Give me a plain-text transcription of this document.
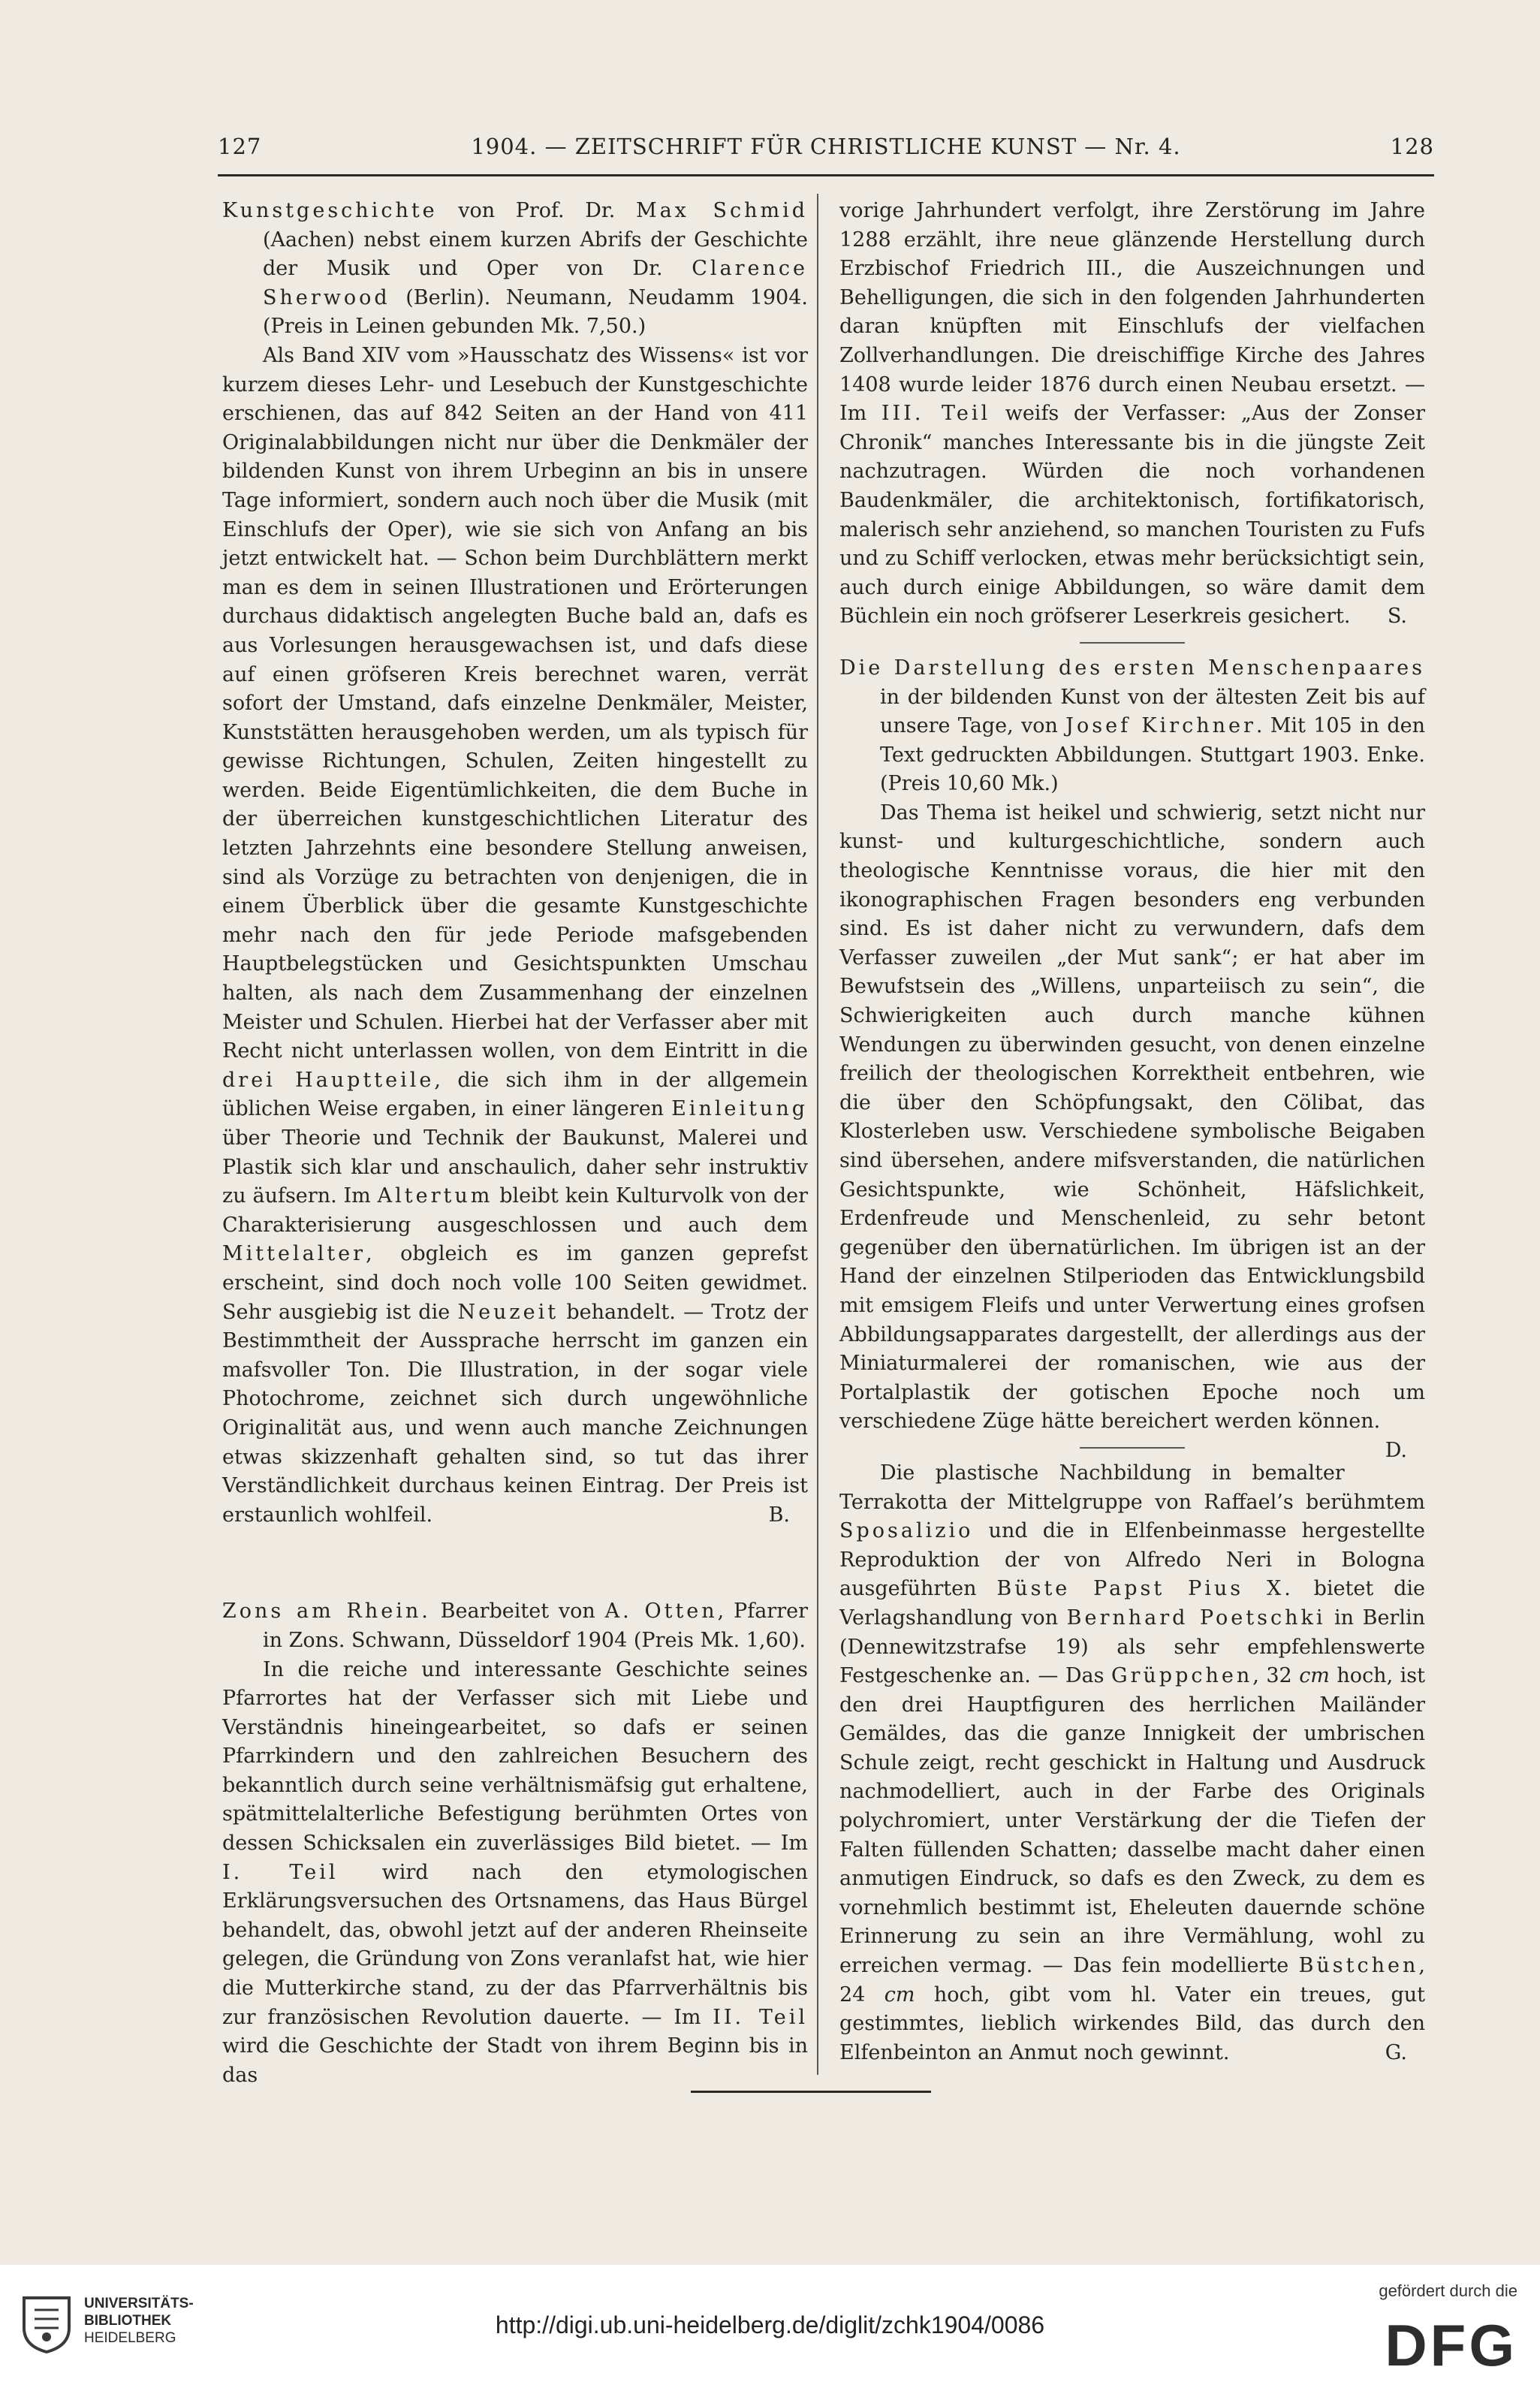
127	1904. — ZEITSCHRIFT FÜR CHRISTLICHE KUNST — Nr. 4.	128

Kunstgeschichte von Prof. Dr. Max Schmid (Aachen) nebst einem kurzen Abrifs der Geschichte der Musik und Oper von Dr. Clarence Sherwood (Berlin). Neumann, Neudamm 1904. (Preis in Leinen gebunden Mk. 7,50.)

Als Band XIV vom »Hausschatz des Wissens« ist vor kurzem dieses Lehr- und Lesebuch der Kunstgeschichte erschienen, das auf 842 Seiten an der Hand von 411 Originalabbildungen nicht nur über die Denkmäler der bildenden Kunst von ihrem Urbeginn an bis in unsere Tage informiert, sondern auch noch über die Musik (mit Einschlufs der Oper), wie sie sich von Anfang an bis jetzt entwickelt hat. — Schon beim Durchblättern merkt man es dem in seinen Illustrationen und Erörterungen durchaus didaktisch angelegten Buche bald an, dafs es aus Vorlesungen herausgewachsen ist, und dafs diese auf einen gröfseren Kreis berechnet waren, verrät sofort der Umstand, dafs einzelne Denkmäler, Meister, Kunststätten herausgehoben werden, um als typisch für gewisse Richtungen, Schulen, Zeiten hingestellt zu werden. Beide Eigentümlichkeiten, die dem Buche in der überreichen kunstgeschichtlichen Literatur des letzten Jahrzehnts eine besondere Stellung anweisen, sind als Vorzüge zu betrachten von denjenigen, die in einem Überblick über die gesamte Kunstgeschichte mehr nach den für jede Periode mafsgebenden Hauptbelegstücken und Gesichtspunkten Umschau halten, als nach dem Zusammenhang der einzelnen Meister und Schulen. Hierbei hat der Verfasser aber mit Recht nicht unterlassen wollen, von dem Eintritt in die drei Hauptteile, die sich ihm in der allgemein üblichen Weise ergaben, in einer längeren Einleitung über Theorie und Technik der Baukunst, Malerei und Plastik sich klar und anschaulich, daher sehr instruktiv zu äufsern. Im Altertum bleibt kein Kulturvolk von der Charakterisierung ausgeschlossen und auch dem Mittelalter, obgleich es im ganzen geprefst erscheint, sind doch noch volle 100 Seiten gewidmet. Sehr ausgiebig ist die Neuzeit behandelt. — Trotz der Bestimmtheit der Aussprache herrscht im ganzen ein mafsvoller Ton. Die Illustration, in der sogar viele Photochrome, zeichnet sich durch ungewöhnliche Originalität aus, und wenn auch manche Zeichnungen etwas skizzenhaft gehalten sind, so tut das ihrer Verständlichkeit durchaus keinen Eintrag. Der Preis ist erstaunlich wohlfeil.	B.

Zons am Rhein. Bearbeitet von A. Otten, Pfarrer in Zons. Schwann, Düsseldorf 1904 (Preis Mk. 1,60).

In die reiche und interessante Geschichte seines Pfarrortes hat der Verfasser sich mit Liebe und Verständnis hineingearbeitet, so dafs er seinen Pfarrkindern und den zahlreichen Besuchern des bekanntlich durch seine verhältnismäfsig gut erhaltene, spätmittelalterliche Befestigung berühmten Ortes von dessen Schicksalen ein zuverlässiges Bild bietet. — Im I. Teil wird nach den etymologischen Erklärungsversuchen des Ortsnamens, das Haus Bürgel behandelt, das, obwohl jetzt auf der anderen Rheinseite gelegen, die Gründung von Zons veranlafst hat, wie hier die Mutterkirche stand, zu der das Pfarrverhältnis bis zur französischen Revolution dauerte. — Im II. Teil wird die Geschichte der Stadt von ihrem Beginn bis in das

vorige Jahrhundert verfolgt, ihre Zerstörung im Jahre 1288 erzählt, ihre neue glänzende Herstellung durch Erzbischof Friedrich III., die Auszeichnungen und Behelligungen, die sich in den folgenden Jahrhunderten daran knüpften mit Einschlufs der vielfachen Zollverhandlungen. Die dreischiffige Kirche des Jahres 1408 wurde leider 1876 durch einen Neubau ersetzt. — Im III. Teil weifs der Verfasser: „Aus der Zonser Chronik“ manches Interessante bis in die jüngste Zeit nachzutragen. Würden die noch vorhandenen Baudenkmäler, die architektonisch, fortifikatorisch, malerisch sehr anziehend, so manchen Touristen zu Fufs und zu Schiff verlocken, etwas mehr berücksichtigt sein, auch durch einige Abbildungen, so wäre damit dem Büchlein ein noch gröfserer Leserkreis gesichert. S.

Die Darstellung des ersten Menschenpaares in der bildenden Kunst von der ältesten Zeit bis auf unsere Tage, von Josef Kirchner. Mit 105 in den Text gedruckten Abbildungen. Stuttgart 1903. Enke. (Preis 10,60 Mk.)

Das Thema ist heikel und schwierig, setzt nicht nur kunst- und kulturgeschichtliche, sondern auch theologische Kenntnisse voraus, die hier mit den ikonographischen Fragen besonders eng verbunden sind. Es ist daher nicht zu verwundern, dafs dem Verfasser zuweilen „der Mut sank“; er hat aber im Bewufstsein des „Willens, unparteiisch zu sein“, die Schwierigkeiten auch durch manche kühnen Wendungen zu überwinden gesucht, von denen einzelne freilich der theologischen Korrektheit entbehren, wie die über den Schöpfungsakt, den Cölibat, das Klosterleben usw. Verschiedene symbolische Beigaben sind übersehen, andere mifsverstanden, die natürlichen Gesichtspunkte, wie Schönheit, Häfslichkeit, Erdenfreude und Menschenleid, zu sehr betont gegenüber den übernatürlichen. Im übrigen ist an der Hand der einzelnen Stilperioden das Entwicklungsbild mit emsigem Fleifs und unter Verwertung eines grofsen Abbildungsapparates dargestellt, der allerdings aus der Miniaturmalerei der romanischen, wie aus der Portalplastik der gotischen Epoche noch um verschiedene Züge hätte bereichert werden können.
D.

Die plastische Nachbildung in bemalter Terrakotta der Mittelgruppe von Raffael’s berühmtem Sposalizio und die in Elfenbeinmasse hergestellte Reproduktion der von Alfredo Neri in Bologna ausgeführten Büste Papst Pius X. bietet die Verlagshandlung von Bernhard Poetschki in Berlin (Dennewitzstrafse 19) als sehr empfehlenswerte Festgeschenke an. — Das Grüppchen, 32 cm hoch, ist den drei Hauptfiguren des herrlichen Mailänder Gemäldes, das die ganze Innigkeit der umbrischen Schule zeigt, recht geschickt in Haltung und Ausdruck nachmodelliert, auch in der Farbe des Originals polychromiert, unter Verstärkung der die Tiefen der Falten füllenden Schatten; dasselbe macht daher einen anmutigen Eindruck, so dafs es den Zweck, zu dem es vornehmlich bestimmt ist, Eheleuten dauernde schöne Erinnerung zu sein an ihre Vermählung, wohl zu erreichen vermag. — Das fein modellierte Büstchen, 24 cm hoch, gibt vom hl. Vater ein treues, gut gestimmtes, lieblich wirkendes Bild, das durch den Elfenbeinton an Anmut noch gewinnt.	G.

UNIVERSITÄTS-
BIBLIOTHEK
HEIDELBERG	http://digi.ub.uni-heidelberg.de/diglit/zchk1904/0086
gefördert durch die
DFG
